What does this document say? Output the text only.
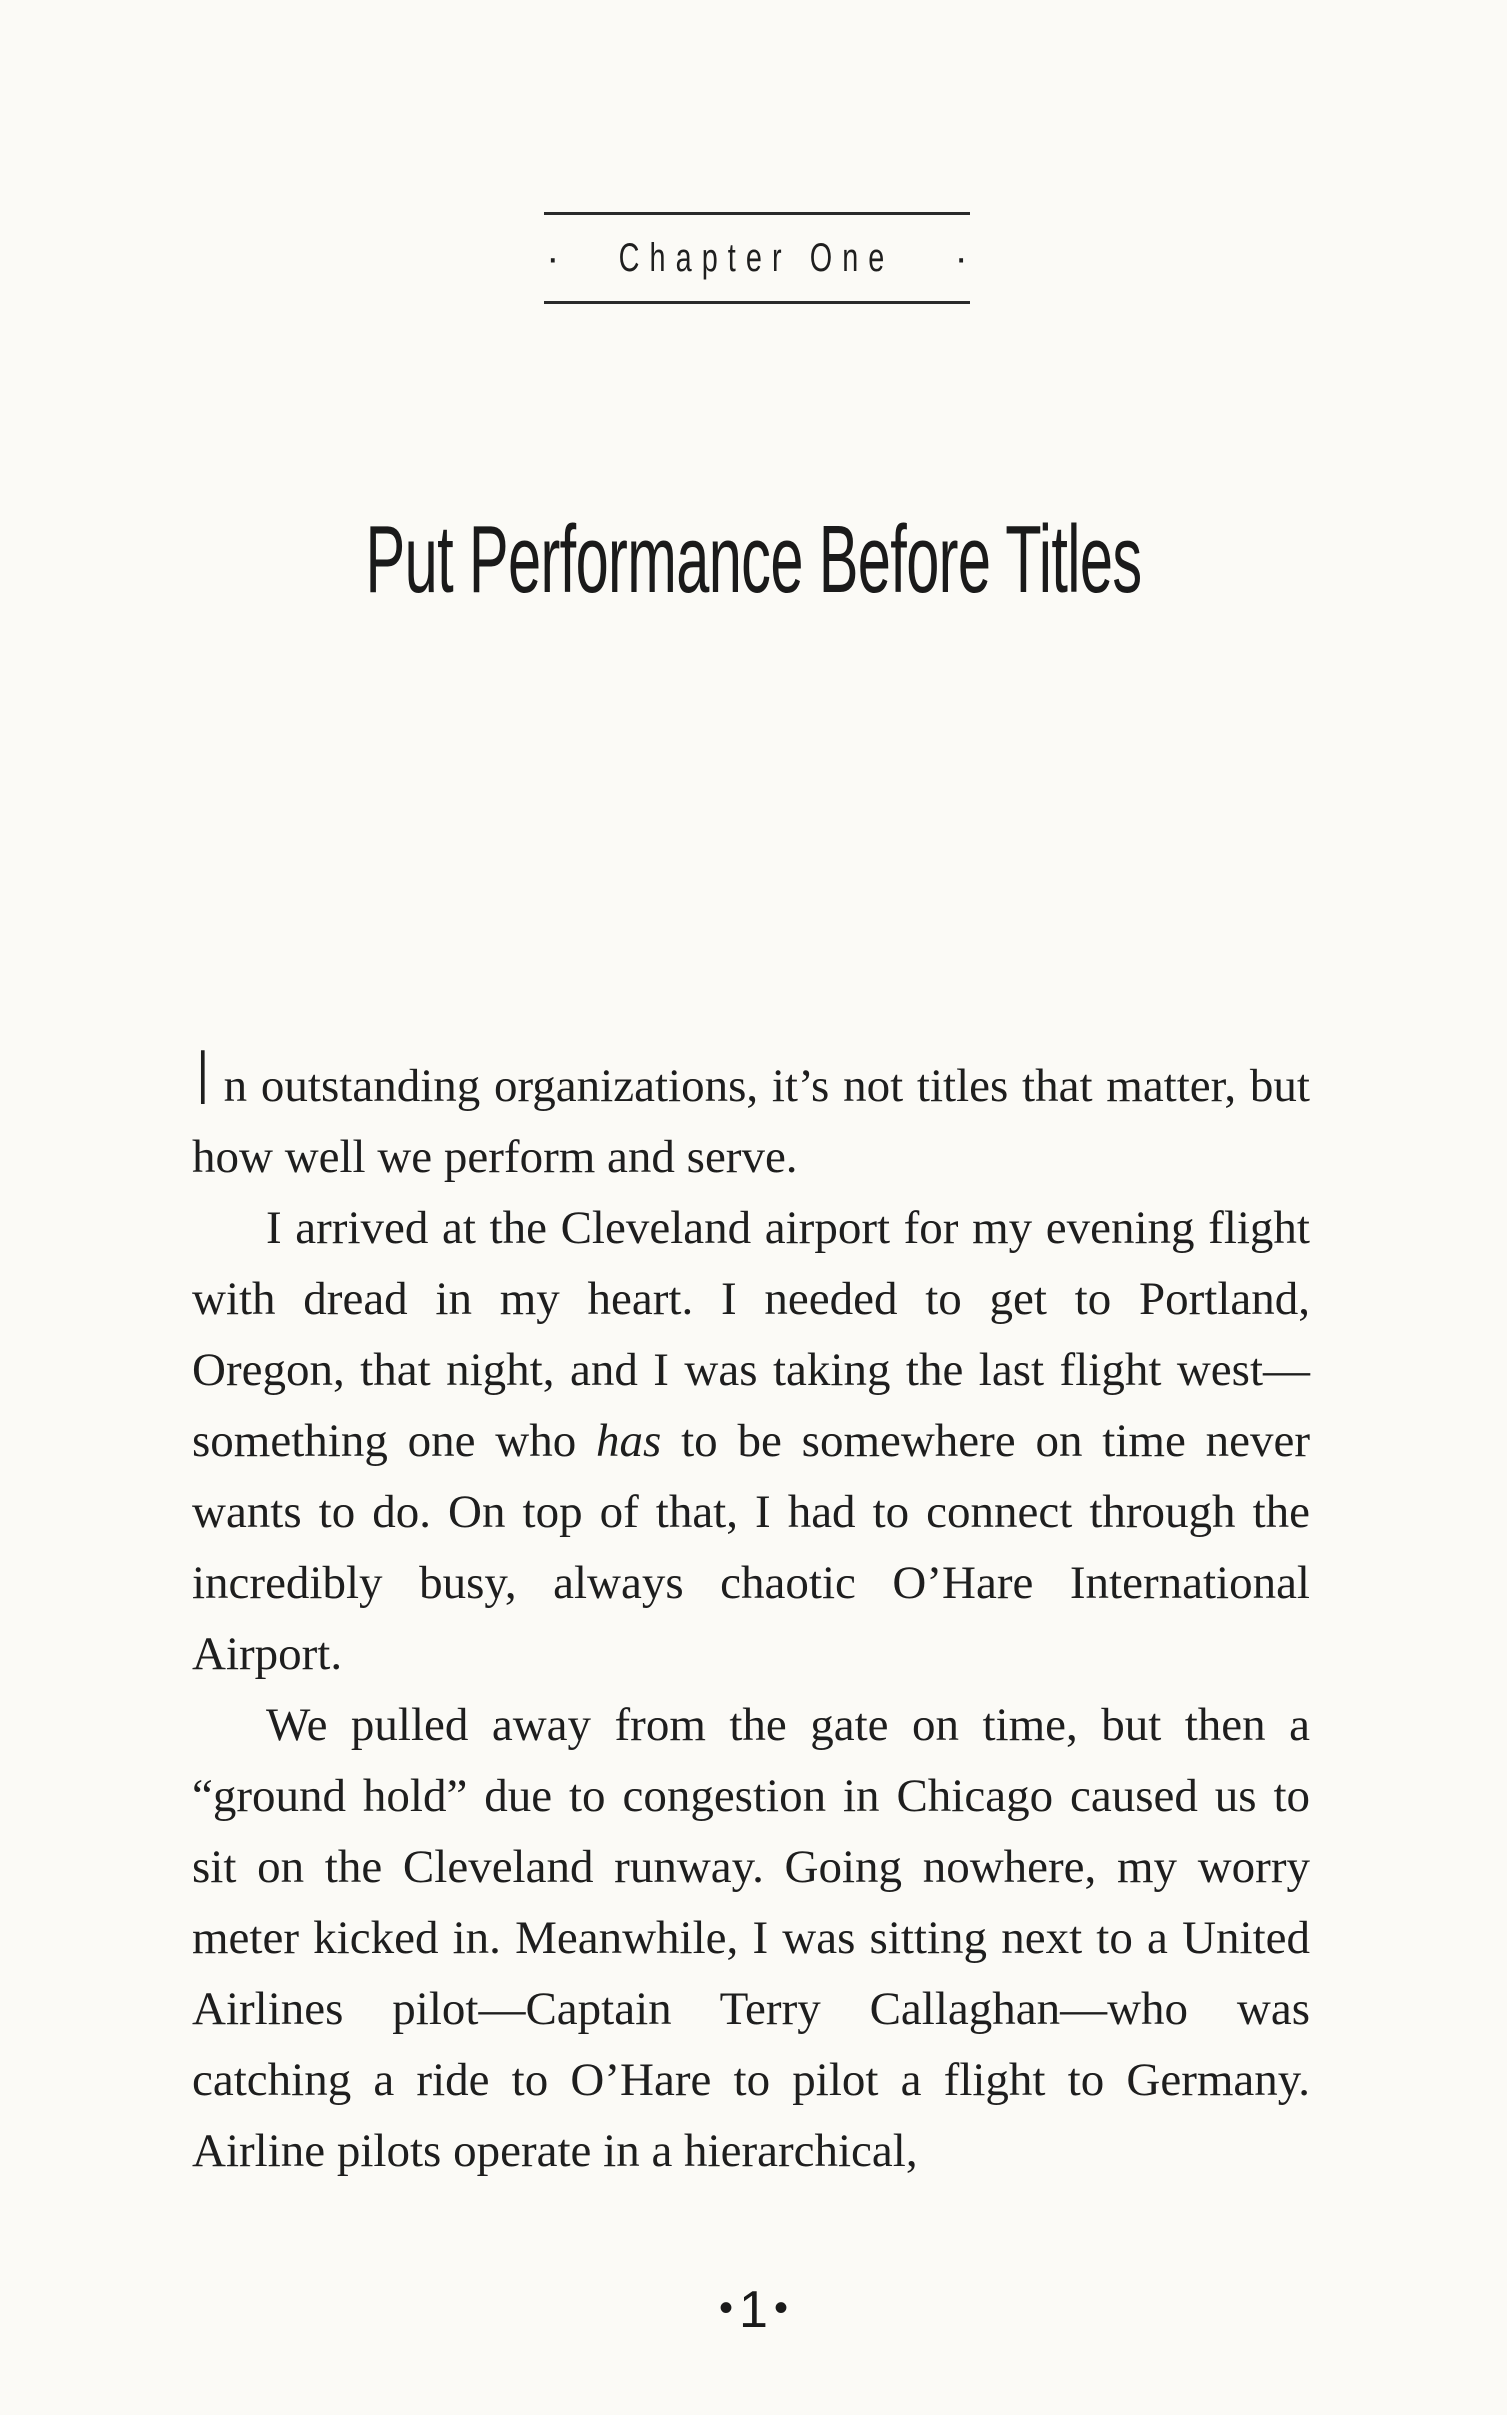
· Chapter One ·
Put Performance Before Titles

In outstanding organizations, it’s not titles that matter, but how well we perform and serve.

I arrived at the Cleveland airport for my evening flight with dread in my heart. I needed to get to Portland, Oregon, that night, and I was taking the last flight west—something one who has to be somewhere on time never wants to do. On top of that, I had to connect through the incredibly busy, always chaotic O’Hare International Airport.

We pulled away from the gate on time, but then a “ground hold” due to congestion in Chicago caused us to sit on the Cleveland runway. Going nowhere, my worry meter kicked in. Meanwhile, I was sitting next to a United Airlines pilot—Captain Terry Callaghan—who was catching a ride to O’Hare to pilot a flight to Germany. Airline pilots operate in a hierarchical,

• 1 •
